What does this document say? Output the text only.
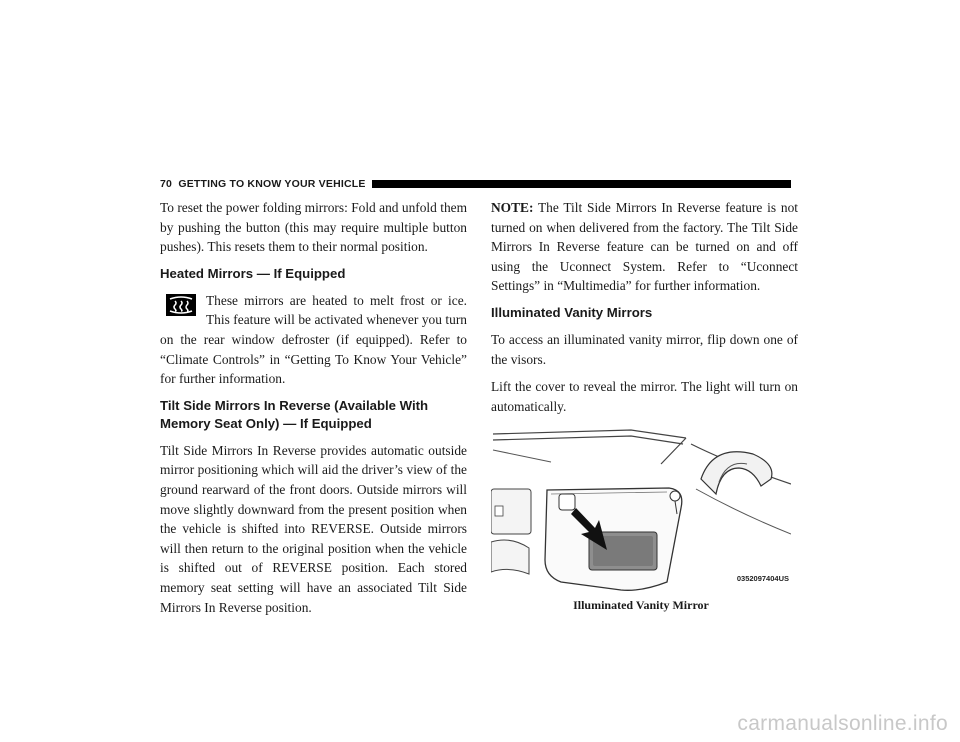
70 GETTING TO KNOW YOUR VEHICLE

To reset the power folding mirrors: Fold and unfold them by pushing the button (this may require multiple button pushes). This resets them to their normal position.

Heated Mirrors — If Equipped

These mirrors are heated to melt frost or ice. This feature will be activated whenever you turn on the rear window defroster (if equipped). Refer to “Climate Controls” in “Getting To Know Your Vehicle” for further information.

Tilt Side Mirrors In Reverse (Available With Memory Seat Only) — If Equipped

Tilt Side Mirrors In Reverse provides automatic outside mirror positioning which will aid the driver’s view of the ground rearward of the front doors. Outside mirrors will move slightly downward from the present position when the vehicle is shifted into REVERSE. Outside mirrors will then return to the original position when the vehicle is shifted out of REVERSE position. Each stored memory seat setting will have an associated Tilt Side Mirrors In Reverse position.

NOTE: The Tilt Side Mirrors In Reverse feature is not turned on when delivered from the factory. The Tilt Side Mirrors In Reverse feature can be turned on and off using the Uconnect System. Refer to “Uconnect Settings” in “Multimedia” for further information.

Illuminated Vanity Mirrors

To access an illuminated vanity mirror, flip down one of the visors.

Lift the cover to reveal the mirror. The light will turn on automatically.

0352097404US
Illuminated Vanity Mirror
carmanualsonline.info
